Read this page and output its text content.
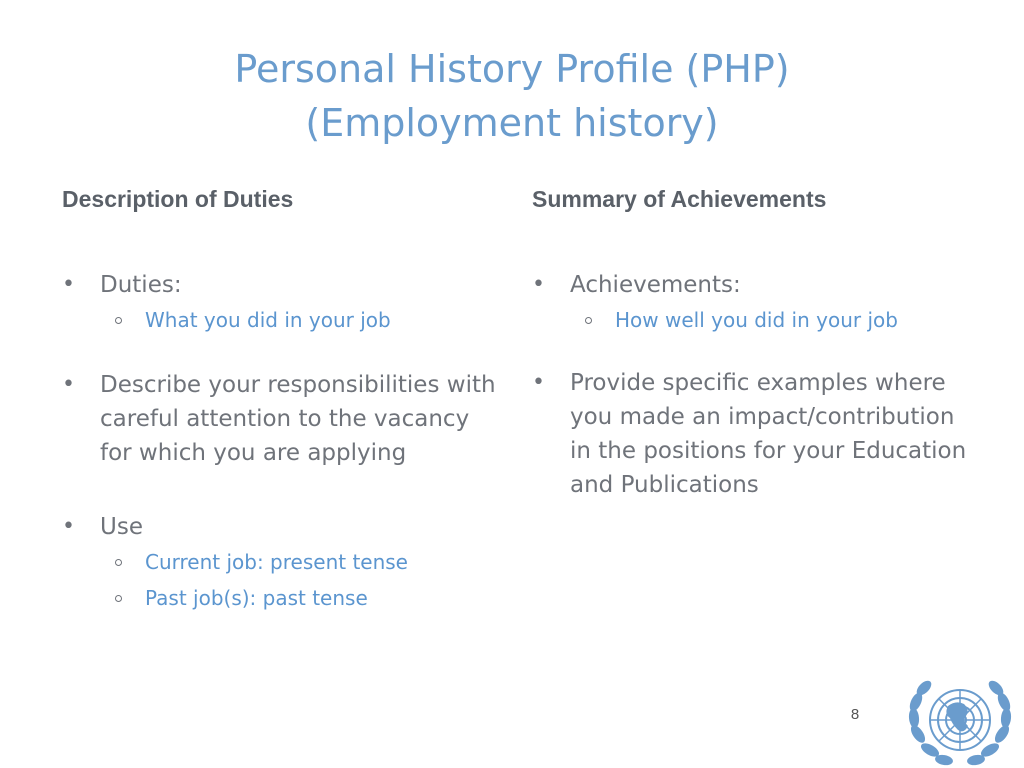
Personal History Profile (PHP)
(Employment history)
Description of Duties	Summary of Achievements
•	Duties:
What you did in your job
•	Describe your responsibilities with careful attention to the vacancy for which you are applying
•	Use
Current job: present tense
Past job(s): past tense
•	Achievements:
How well you did in your job
•	Provide specific examples where you made an impact/contribution in the positions for your Education and Publications
8
